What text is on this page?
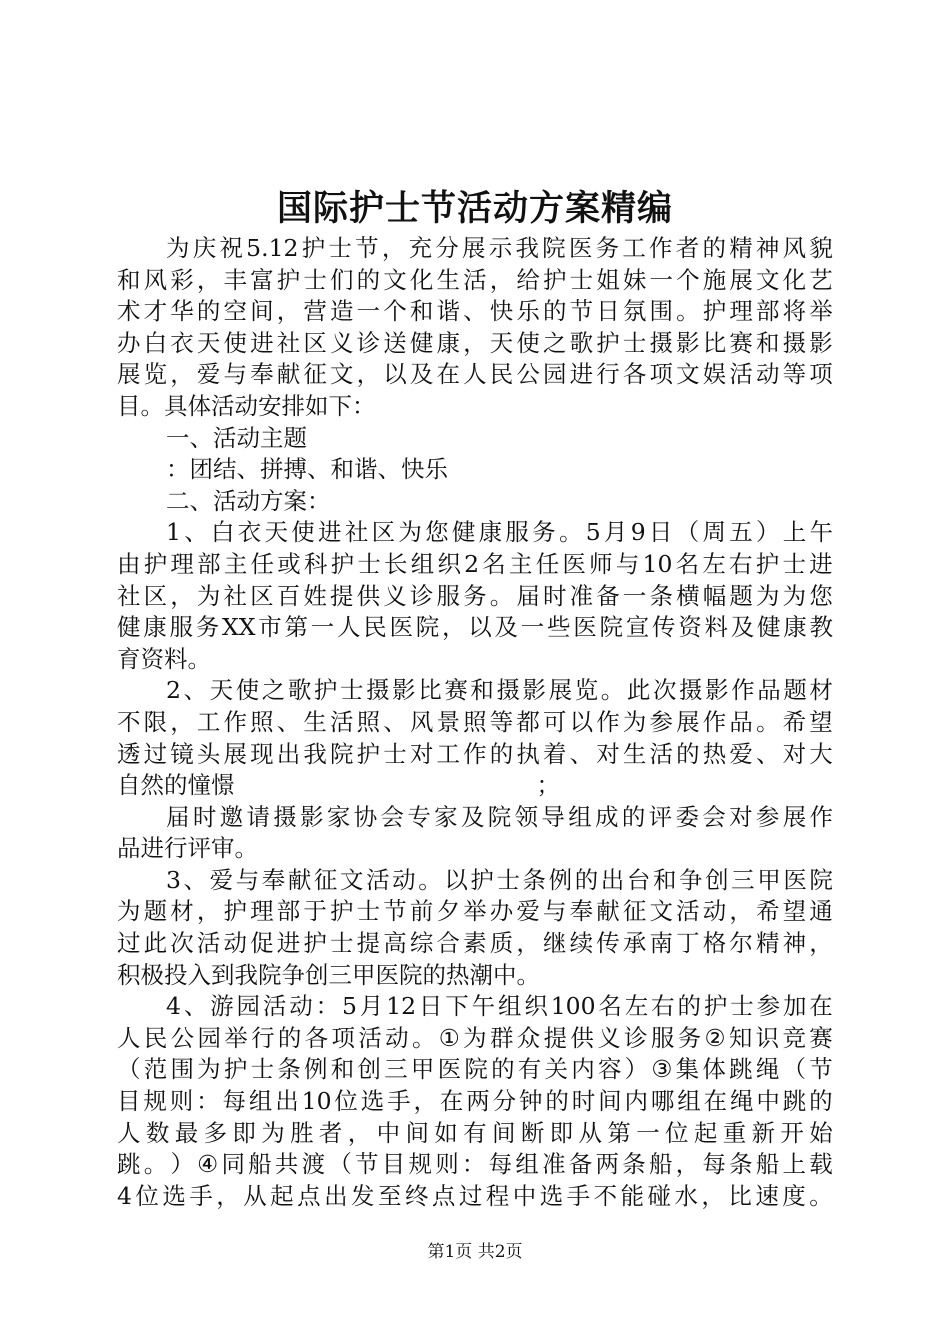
国际护士节活动方案精编
为 庆 祝 5.12 护 士 节 ， 充 分 展 示 我 院 医 务 工 作 者 的 精 神 风 貌
和 风 彩 ， 丰 富 护 士 们 的 文 化 生 活 ， 给 护 士 姐 妹 一 个 施 展 文 化 艺
术 才 华 的 空 间 ， 营 造 一 个 和 谐 、 快 乐 的 节 日 氛 围 。 护 理 部 将 举
办 白 衣 天 使 进 社 区 义 诊 送 健 康 ， 天 使 之 歌 护 士 摄 影 比 赛 和 摄 影
展 览 ， 爱 与 奉 献 征 文 ， 以 及 在 人 民 公 园 进 行 各 项 文 娱 活 动 等 项
目。具体活动安排如下：
一、活动主题
：团结、拼搏、和谐、快乐
二、活动方案：
1 、 白 衣 天 使 进 社 区 为 您 健 康 服 务 。 5 月 9 日 （ 周 五 ） 上 午
由 护 理 部 主 任 或 科 护 士 长 组 织 2 名 主 任 医 师 与 10 名 左 右 护 士 进
社 区 ， 为 社 区 百 姓 提 供 义 诊 服 务 。 届 时 准 备 一 条 横 幅 题 为 为 您
健 康 服 务 XX 市 第 一 人 民 医 院 ， 以 及 一 些 医 院 宣 传 资 料 及 健 康 教
育资料。
2 、 天 使 之 歌 护 士 摄 影 比 赛 和 摄 影 展 览 。 此 次 摄 影 作 品 题 材
不 限 ， 工 作 照 、 生 活 照 、 风 景 照 等 都 可 以 作 为 参 展 作 品 。 希 望
透 过 镜 头 展 现 出 我 院 护 士 对 工 作 的 执 着 、 对 生 活 的 热 爱 、 对 大
自然的憧憬	；
届 时 邀 请 摄 影 家 协 会 专 家 及 院 领 导 组 成 的 评 委 会 对 参 展 作
品进行评审。
3 、 爱 与 奉 献 征 文 活 动 。 以 护 士 条 例 的 出 台 和 争 创 三 甲 医 院
为 题 材 ， 护 理 部 于 护 士 节 前 夕 举 办 爱 与 奉 献 征 文 活 动 ， 希 望 通
过 此 次 活 动 促 进 护 士 提 高 综 合 素 质 ， 继 续 传 承 南 丁 格 尔 精 神 ，
积极投入到我院争创三甲医院的热潮中。
4 、 游 园 活 动 ： 5 月 12 日 下 午 组 织 100 名 左 右 的 护 士 参 加 在
人 民 公 园 举 行 的 各 项 活 动 。 ① 为 群 众 提 供 义 诊 服 务 ② 知 识 竞 赛
（ 范 围 为 护 士 条 例 和 创 三 甲 医 院 的 有 关 内 容 ） ③ 集 体 跳 绳 （ 节
目 规 则 ： 每 组 出 10 位 选 手 ， 在 两 分 钟 的 时 间 内 哪 组 在 绳 中 跳 的
人 数 最 多 即 为 胜 者 ， 中 间 如 有 间 断 即 从 第 一 位 起 重 新 开 始
跳 。 ） ④ 同 船 共 渡 （ 节 目 规 则 ： 每 组 准 备 两 条 船 ， 每 条 船 上 载
4 位 选 手 ， 从 起 点 出 发 至 终 点 过 程 中 选 手 不 能 碰 水 ， 比 速 度 。
第1页 共2页
